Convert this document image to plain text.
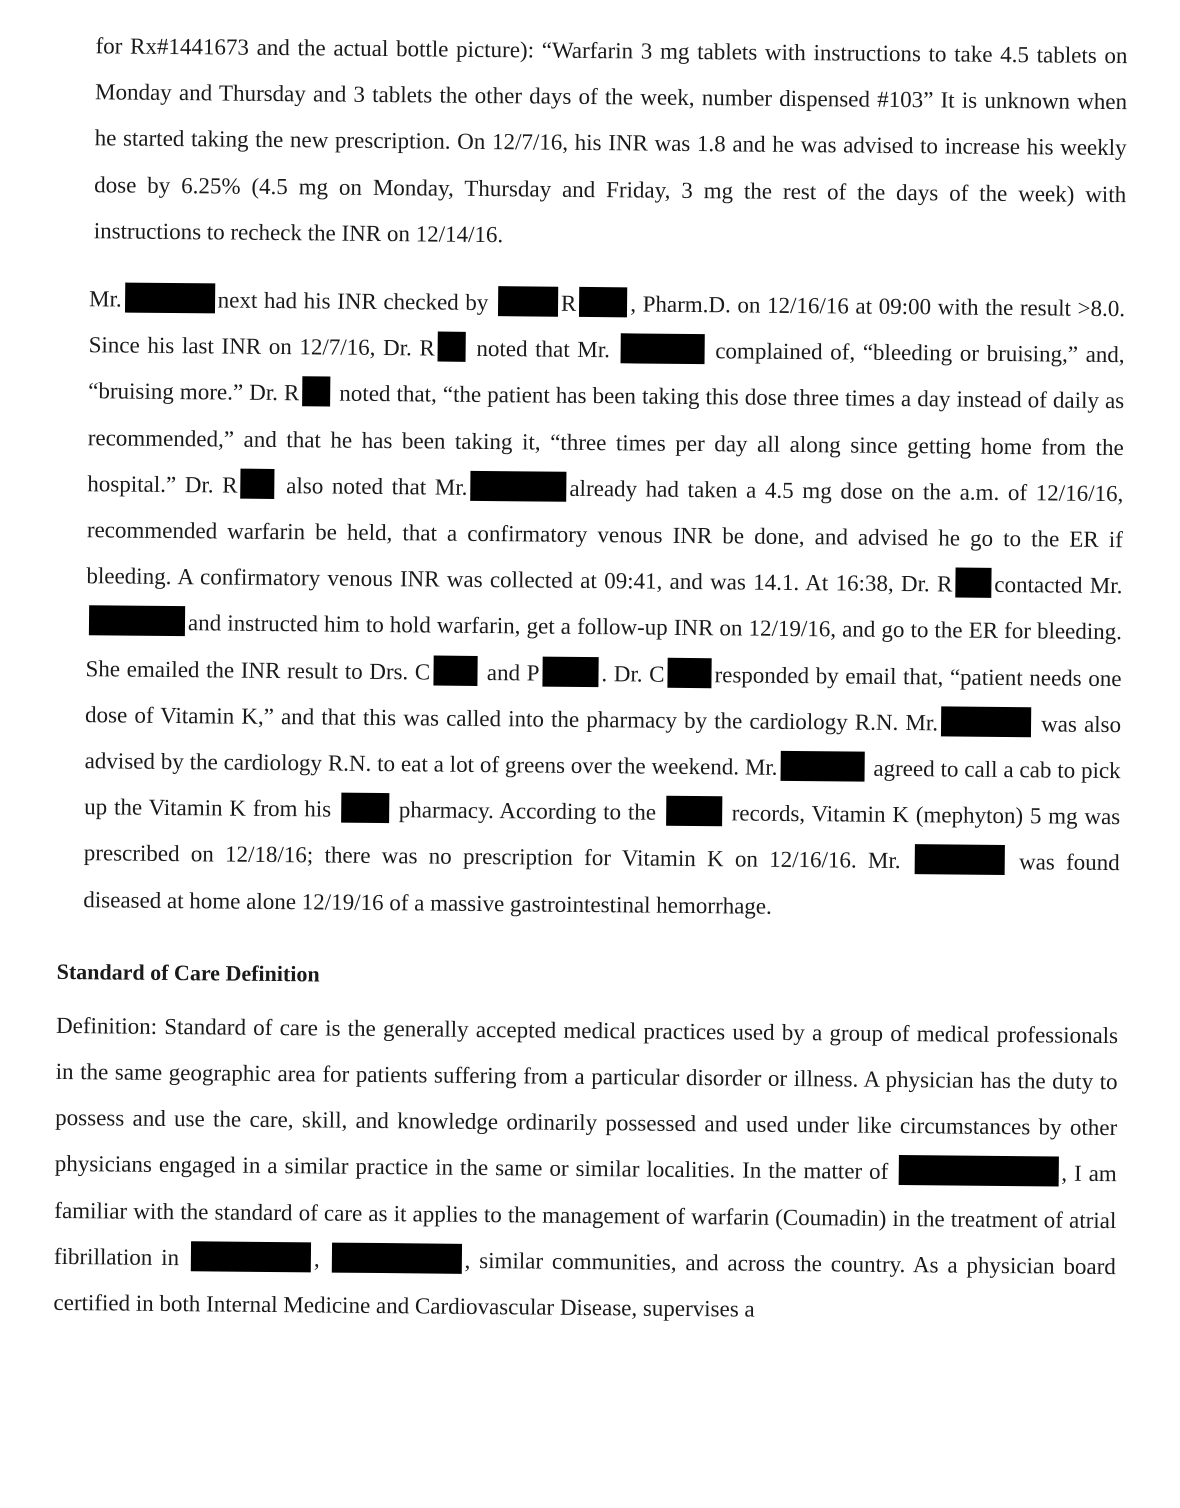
for Rx#1441673 and the actual bottle picture): “Warfarin 3 mg tablets with instructions to take 4.5 tablets on Monday and Thursday and 3 tablets the other days of the week, number dispensed #103” It is unknown when he started taking the new prescription. On 12/7/16, his INR was 1.8 and he was advised to increase his weekly dose by 6.25% (4.5 mg on Monday, Thursday and Friday, 3 mg the rest of the days of the week) with instructions to recheck the INR on 12/14/16.

Mr.	next had his INR checked by	R , Pharm.D. on 12/16/16 at 09:00 with the result >8.0. Since his last INR on 12/7/16, Dr. R noted that Mr.	complained of, “bleeding or bruising,” and, “bruising more.” Dr. R noted that, “the patient has been taking this dose three times a day instead of daily as recommended,” and that he has been taking it, “three times per day all along since getting home from the hospital.” Dr. R also noted that Mr.	already had taken a 4.5 mg dose on the a.m. of 12/16/16, recommended warfarin be held, that a confirmatory venous INR be done, and advised he go to the ER if bleeding. A confirmatory venous INR was collected at 09:41, and was 14.1. At 16:38, Dr. R contacted Mr.and instructed him to hold warfarin, get a follow-up INR on 12/19/16, and go to the ER for bleeding. She emailed the INR result to Drs. C and P	. Dr. C responded by email that, “patient needs one dose of Vitamin K,” and that this was called into the pharmacy by the cardiology R.N. Mr.	was also advised by the cardiology R.N. to eat a lot of greens over the weekend. Mr.	agreed to call a cab to pick up the Vitamin K from his	pharmacy. According to the	records, Vitamin K (mephyton) 5 mg was prescribed on 12/18/16; there was no prescription for Vitamin K on 12/16/16. Mr.	was found diseased at home alone 12/19/16 of a massive gastrointestinal hemorrhage.

Standard of Care Definition

Definition: Standard of care is the generally accepted medical practices used by a group of medical professionals in the same geographic area for patients suffering from a particular disorder or illness. A physician has the duty to possess and use the care, skill, and knowledge ordinarily possessed and used under like circumstances by other physicians engaged in a similar practice in the same or similar localities. In the matter of	, I am familiar with the standard of care as it applies to the management of warfarin (Coumadin) in the treatment of atrial fibrillation in	,	, similar communities, and across the country. As a physician board certified in both Internal Medicine and Cardiovascular Disease, supervises a
